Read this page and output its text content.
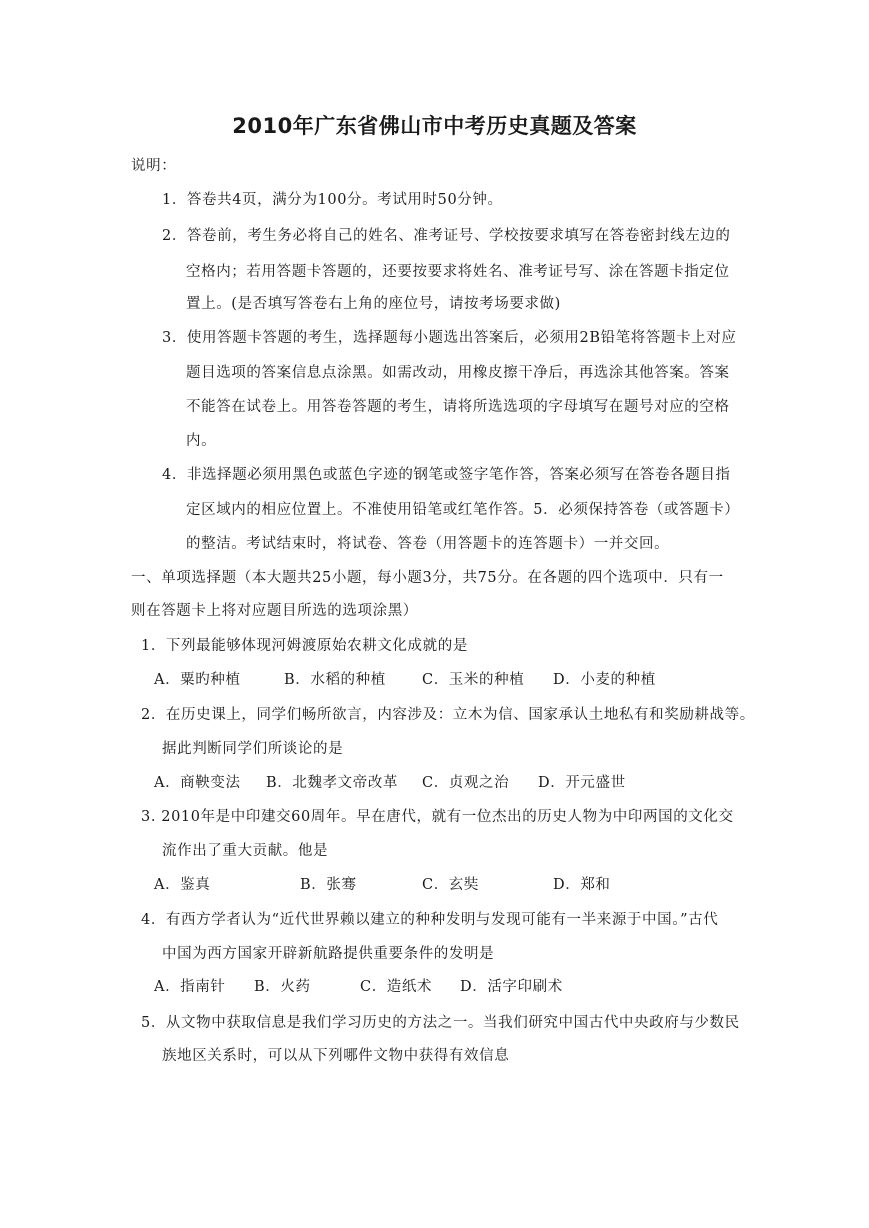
2010年广东省佛山市中考历史真题及答案
说明：
1．答卷共4页，满分为100分。考试用时50分钟。
2．答卷前，考生务必将自己的姓名、准考证号、学校按要求填写在答卷密封线左边的
空格内；若用答题卡答题的，还要按要求将姓名、准考证号写、涂在答题卡指定位
置上。(是否填写答卷右上角的座位号，请按考场要求做)
3．使用答题卡答题的考生，选择题每小题选出答案后，必须用2B铅笔将答题卡上对应
题目选项的答案信息点涂黑。如需改动，用橡皮擦干净后，再选涂其他答案。答案
不能答在试卷上。用答卷答题的考生，请将所选选项的字母填写在题号对应的空格
内。
4．非选择题必须用黑色或蓝色字迹的钢笔或签字笔作答，答案必须写在答卷各题目指
定区域内的相应位置上。不准使用铅笔或红笔作答。5．必须保持答卷（或答题卡）
的整洁。考试结束时，将试卷、答卷（用答题卡的连答题卡）一并交回。
一、单项选择题（本大题共25小题，每小题3分，共75分。在各题的四个选项中．只有一
则在答题卡上将对应题目所选的选项涂黑）
1．下列最能够体现河姆渡原始农耕文化成就的是
A．粟旳种植	B．水稻的种植 C．玉米的种植 D．小麦的种植
2．在历史课上，同学们畅所欲言，内容涉及：立木为信、国家承认土地私有和奖励耕战等。
据此判断同学们所谈论的是
A．商鞅变法 B．北魏孝文帝改革 C．贞观之治 D．开元盛世
3. 2010年是中印建交60周年。早在唐代，就有一位杰出的历史人物为中印两国的文化交
流作出了重大贡献。他是
A．鉴真	B．张骞	C．玄奘	D．郑和
4．有西方学者认为“近代世界赖以建立的种种发明与发现可能有一半来源于中国。”古代
中国为西方国家开辟新航路提供重要条件的发明是
A．指南针 B．火药	C．造纸术 D．活字印刷术
5．从文物中获取信息是我们学习历史的方法之一。当我们研究中国古代中央政府与少数民
族地区关系时，可以从下列哪件文物中获得有效信息
